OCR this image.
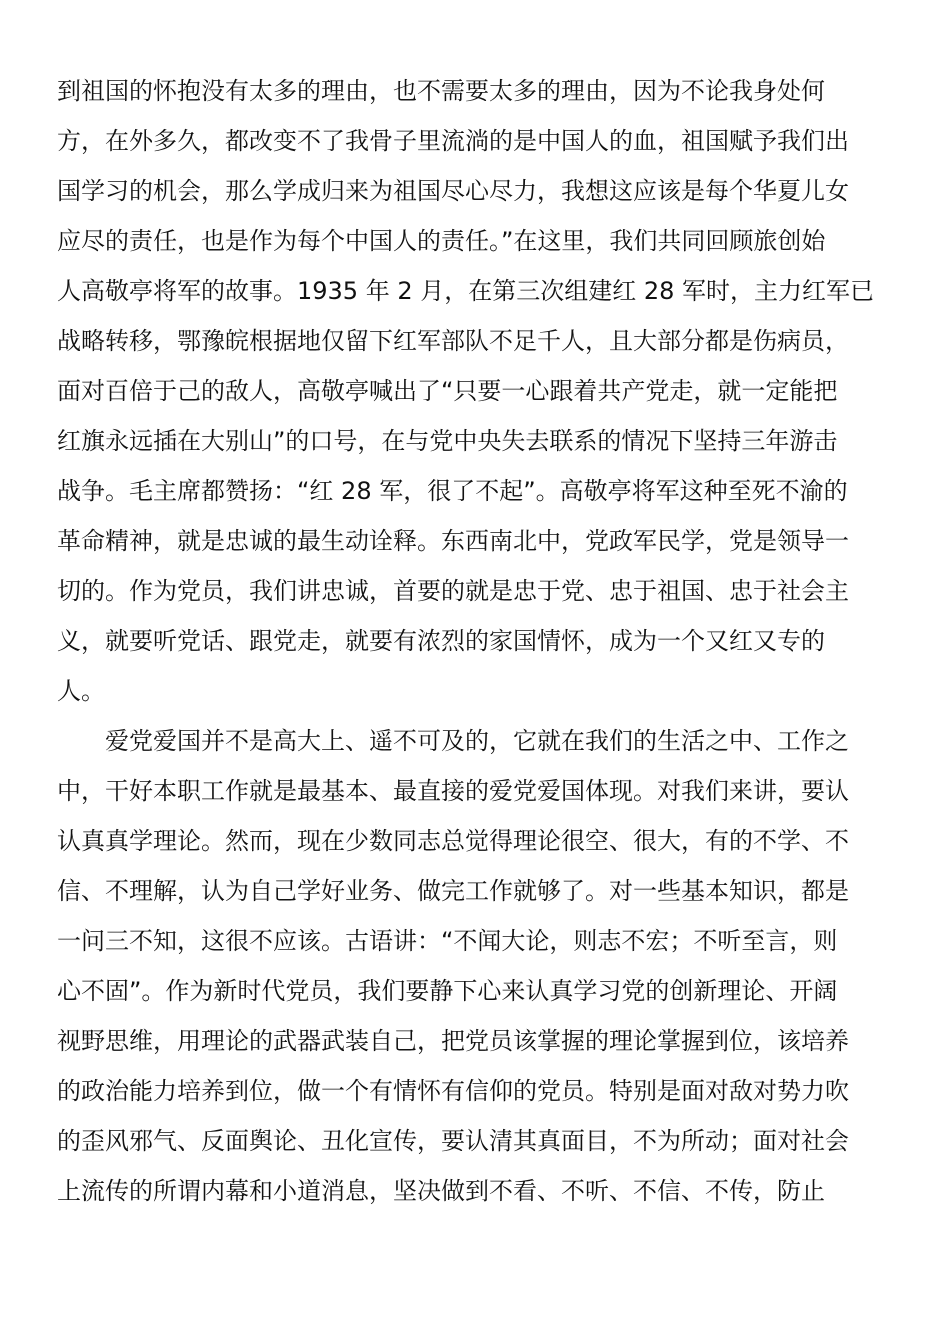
到祖国的怀抱没有太多的理由，也不需要太多的理由，因为不论我身处何
方，在外多久，都改变不了我骨子里流淌的是中国人的血，祖国赋予我们出
国学习的机会，那么学成归来为祖国尽心尽力，我想这应该是每个华夏儿女
应尽的责任，也是作为每个中国人的责任。”在这里，我们共同回顾旅创始
人高敬亭将军的故事。1935 年 2 月，在第三次组建红 28 军时，主力红军已
战略转移，鄂豫皖根据地仅留下红军部队不足千人，且大部分都是伤病员，
面对百倍于己的敌人，高敬亭喊出了“只要一心跟着共产党走，就一定能把
红旗永远插在大别山”的口号，在与党中央失去联系的情况下坚持三年游击
战争。毛主席都赞扬：“红 28 军，很了不起”。高敬亭将军这种至死不渝的
革命精神，就是忠诚的最生动诠释。东西南北中，党政军民学，党是领导一
切的。作为党员，我们讲忠诚，首要的就是忠于党、忠于祖国、忠于社会主
义，就要听党话、跟党走，就要有浓烈的家国情怀，成为一个又红又专的
人。
　　爱党爱国并不是高大上、遥不可及的，它就在我们的生活之中、工作之
中，干好本职工作就是最基本、最直接的爱党爱国体现。对我们来讲，要认
认真真学理论。然而，现在少数同志总觉得理论很空、很大，有的不学、不
信、不理解，认为自己学好业务、做完工作就够了。对一些基本知识，都是
一问三不知，这很不应该。古语讲：“不闻大论，则志不宏；不听至言，则
心不固”。作为新时代党员，我们要静下心来认真学习党的创新理论、开阔
视野思维，用理论的武器武装自己，把党员该掌握的理论掌握到位，该培养
的政治能力培养到位，做一个有情怀有信仰的党员。特别是面对敌对势力吹
的歪风邪气、反面舆论、丑化宣传，要认清其真面目，不为所动；面对社会
上流传的所谓内幕和小道消息，坚决做到不看、不听、不信、不传，防止
